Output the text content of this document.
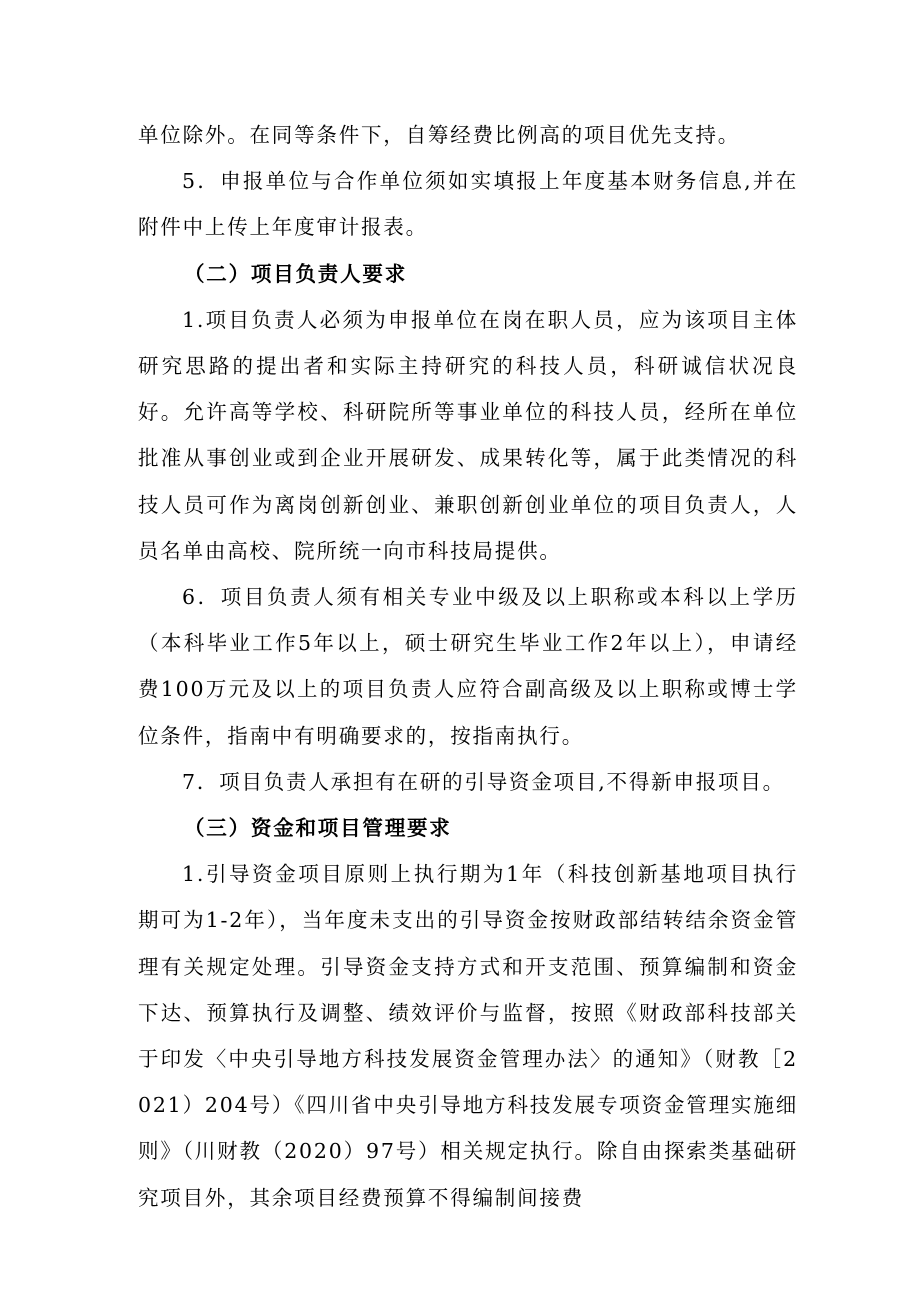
单位除外。在同等条件下，自筹经费比例高的项目优先支持。

5．申报单位与合作单位须如实填报上年度基本财务信息,并在附件中上传上年度审计报表。

（二）项目负责人要求

1.项目负责人必须为申报单位在岗在职人员，应为该项目主体研究思路的提出者和实际主持研究的科技人员，科研诚信状况良好。允许高等学校、科研院所等事业单位的科技人员，经所在单位批准从事创业或到企业开展研发、成果转化等，属于此类情况的科技人员可作为离岗创新创业、兼职创新创业单位的项目负责人，人员名单由高校、院所统一向市科技局提供。

6．项目负责人须有相关专业中级及以上职称或本科以上学历（本科毕业工作5年以上，硕士研究生毕业工作2年以上），申请经费100万元及以上的项目负责人应符合副高级及以上职称或博士学位条件，指南中有明确要求的，按指南执行。

7．项目负责人承担有在研的引导资金项目,不得新申报项目。

（三）资金和项目管理要求

1.引导资金项目原则上执行期为1年（科技创新基地项目执行期可为1-2年），当年度未支出的引导资金按财政部结转结余资金管理有关规定处理。引导资金支持方式和开支范围、预算编制和资金下达、预算执行及调整、绩效评价与监督，按照《财政部科技部关于印发〈中央引导地方科技发展资金管理办法〉的通知》（财教［2021）204号）《四川省中央引导地方科技发展专项资金管理实施细则》（川财教（2020）97号）相关规定执行。除自由探索类基础研究项目外，其余项目经费预算不得编制间接费
